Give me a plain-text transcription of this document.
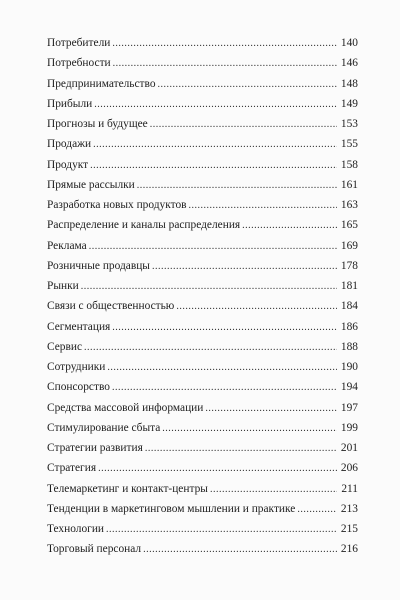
Потребители .....	140
Потребности .....	146
Предпринимательство .....	148
Прибыли .....	149
Прогнозы и будущее .....	153
Продажи .....	155
Продукт .....	158
Прямые рассылки .....	161
Разработка новых продуктов .....	163
Распределение и каналы распределения .....	165
Реклама .....	169
Розничные продавцы .....	178
Рынки .....	181
Связи с общественностью .....	184
Сегментация .....	186
Сервис .....	188
Сотрудники .....	190
Спонсорство .....	194
Средства массовой информации .....	197
Стимулирование сбыта .....	199
Стратегии развития .....	201
Стратегия .....	206
Телемаркетинг и контакт-центры .....	211
Тенденции в маркетинговом мышлении и практике .....	213
Технологии .....	215
Торговый персонал .....	216
